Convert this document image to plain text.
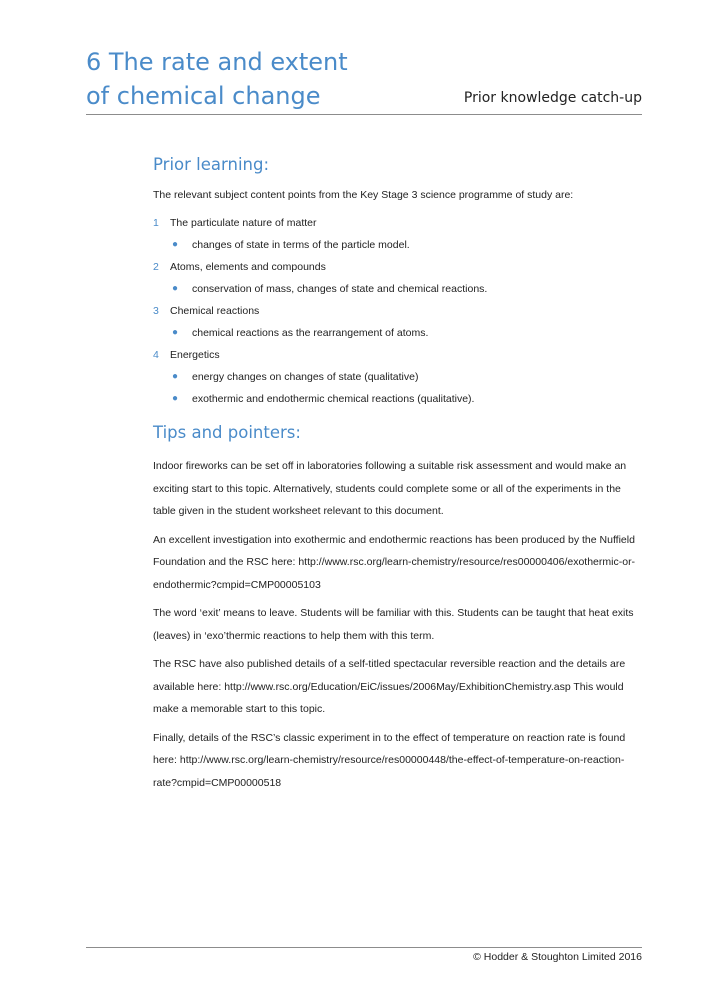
6 The rate and extent
of chemical change	Prior knowledge catch-up
Prior learning:

The relevant subject content points from the Key Stage 3 science programme of study are:

1	The particulate nature of matter
● changes of state in terms of the particle model.
2	Atoms, elements and compounds
● conservation of mass, changes of state and chemical reactions.
3	Chemical reactions
● chemical reactions as the rearrangement of atoms.
4	Energetics
● energy changes on changes of state (qualitative)
● exothermic and endothermic chemical reactions (qualitative).
Tips and pointers:

Indoor fireworks can be set off in laboratories following a suitable risk assessment and would make an exciting start to this topic. Alternatively, students could complete some or all of the experiments in the table given in the student worksheet relevant to this document.

An excellent investigation into exothermic and endothermic reactions has been produced by the Nuffield Foundation and the RSC here: http://www.rsc.org/learn-chemistry/resource/res00000406/exothermic-or-endothermic?cmpid=CMP00005103

The word ‘exit’ means to leave. Students will be familiar with this. Students can be taught that heat exits (leaves) in ‘exo’thermic reactions to help them with this term.

The RSC have also published details of a self-titled spectacular reversible reaction and the details are available here: http://www.rsc.org/Education/EiC/issues/2006May/ExhibitionChemistry.asp This would make a memorable start to this topic.

Finally, details of the RSC’s classic experiment in to the effect of temperature on reaction rate is found here: http://www.rsc.org/learn-chemistry/resource/res00000448/the-effect-of-temperature-on-reaction-rate?cmpid=CMP00000518

© Hodder & Stoughton Limited 2016
